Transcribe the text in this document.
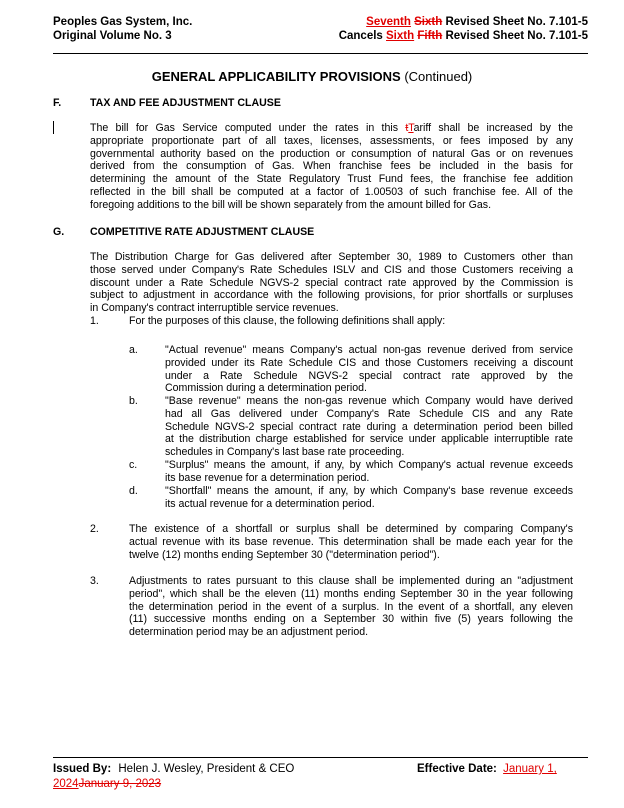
Peoples Gas System, Inc.
Original Volume No. 3
Seventh Sixth Revised Sheet No. 7.101-5
Cancels Sixth Fifth Revised Sheet No. 7.101-5
GENERAL APPLICABILITY PROVISIONS (Continued)
F.	TAX AND FEE ADJUSTMENT CLAUSE
The bill for Gas Service computed under the rates in this tTariff shall be increased by the
appropriate proportionate part of all taxes, licenses, assessments, or fees imposed by any
governmental authority based on the production or consumption of natural Gas or on revenues
derived from the consumption of Gas. When franchise fees be included in the basis for
determining the amount of the State Regulatory Trust Fund fees, the franchise fee addition
reflected in the bill shall be computed at a factor of 1.00503 of such franchise fee. All of the
foregoing additions to the bill will be shown separately from the amount billed for Gas.
G. COMPETITIVE RATE ADJUSTMENT CLAUSE
The Distribution Charge for Gas delivered after September 30, 1989 to Customers other than
those served under Company's Rate Schedules ISLV and CIS and those Customers receiving a
discount under a Rate Schedule NGVS-2 special contract rate approved by the Commission is
subject to adjustment in accordance with the following provisions, for prior shortfalls or surpluses
in Company's contract interruptible service revenues.
1.	For the purposes of this clause, the following definitions shall apply:
a.	"Actual revenue" means Company's actual non-gas revenue derived from service
provided under its Rate Schedule CIS and those Customers receiving a discount
under a Rate Schedule NGVS-2 special contract rate approved by the
Commission during a determination period.
b.	"Base revenue" means the non-gas revenue which Company would have derived
had all Gas delivered under Company's Rate Schedule CIS and any Rate
Schedule NGVS-2 special contract rate during a determination period been billed
at the distribution charge established for service under applicable interruptible rate
schedules in Company's last base rate proceeding.
c.	"Surplus" means the amount, if any, by which Company's actual revenue exceeds
its base revenue for a determination period.
d.	"Shortfall" means the amount, if any, by which Company's base revenue exceeds
its actual revenue for a determination period.
2.	The existence of a shortfall or surplus shall be determined by comparing Company's
actual revenue with its base revenue. This determination shall be made each year for the
twelve (12) months ending September 30 ("determination period").
3.	Adjustments to rates pursuant to this clause shall be implemented during an "adjustment
period", which shall be the eleven (11) months ending September 30 in the year following
the determination period in the event of a surplus. In the event of a shortfall, any eleven
(11) successive months ending on a September 30 within five (5) years following the
determination period may be an adjustment period.
Issued By: Helen J. Wesley, President & CEO	Effective Date: January 1,
2024January 9, 2023
